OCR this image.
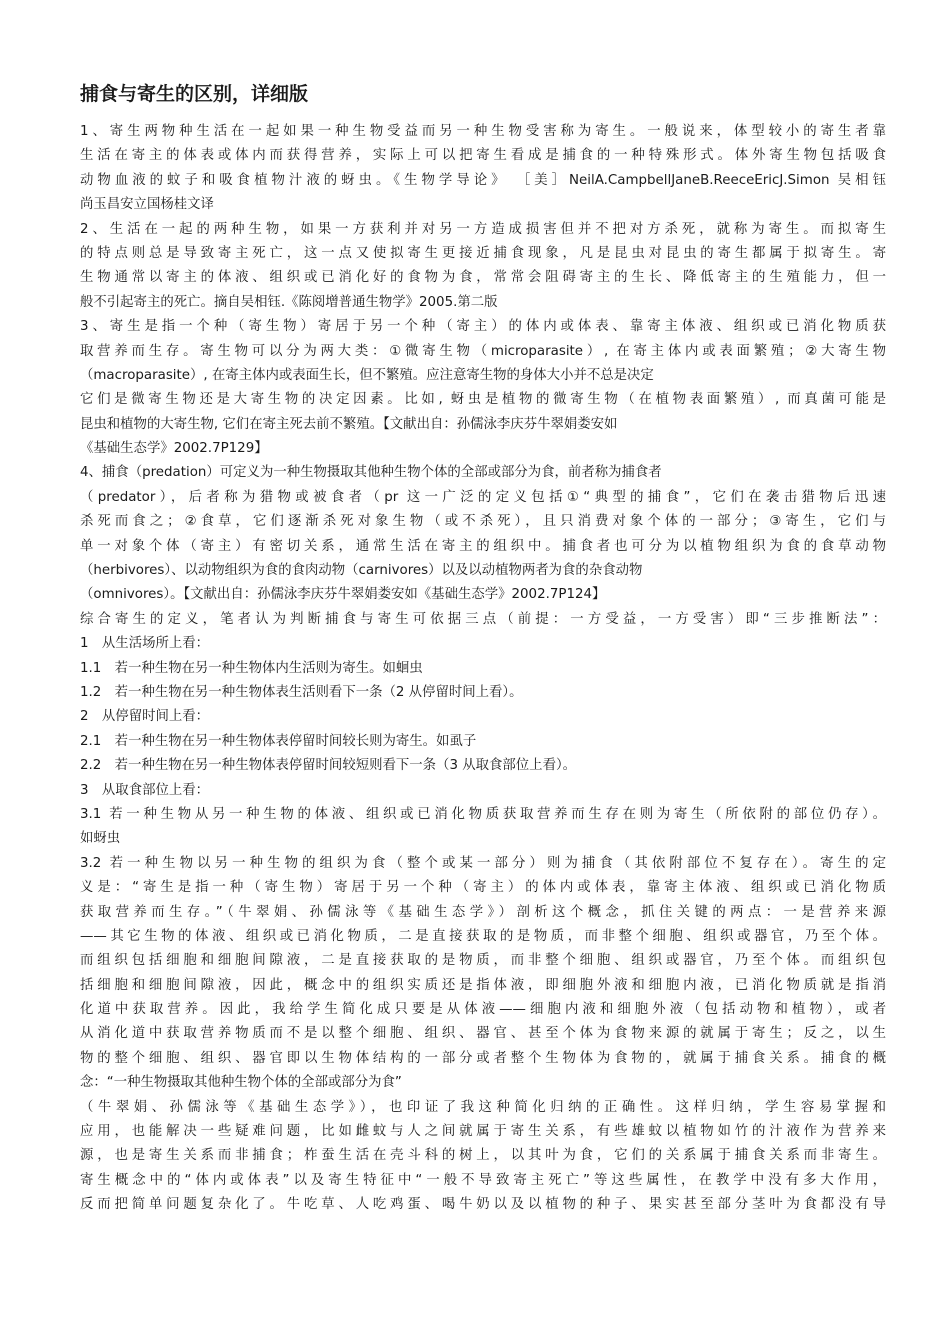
捕食与寄生的区别，详细版
1、寄生两物种生活在一起如果一种生物受益而另一种生物受害称为寄生。一般说来，体型较小的寄生者靠
生活在寄主的体表或体内而获得营养，实际上可以把寄生看成是捕食的一种特殊形式。体外寄生物包括吸食
动物血液的蚊子和吸食植物汁液的蚜虫。《生物学导论》 ［美］NeilA.CampbellJaneB.ReeceEricJ.Simon 吴相钰
尚玉昌安立国杨桂文译
2、生活在一起的两种生物，如果一方获利并对另一方造成损害但并不把对方杀死，就称为寄生。而拟寄生
的特点则总是导致寄主死亡，这一点又使拟寄生更接近捕食现象，凡是昆虫对昆虫的寄生都属于拟寄生。寄
生物通常以寄主的体液、组织或已消化好的食物为食，常常会阻碍寄主的生长、降低寄主的生殖能力，但一
般不引起寄主的死亡。摘自吴相钰.《陈阅增普通生物学》2005.第二版
3、寄生是指一个种（寄生物）寄居于另一个种（寄主）的体内或体表、靠寄主体液、组织或已消化物质获
取营养而生存。寄生物可以分为两大类：①微寄生物（microparasite）, 在寄主体内或表面繁殖；②大寄生物
（macroparasite）, 在寄主体内或表面生长，但不繁殖。应注意寄生物的身体大小并不总是决定
它们是微寄生物还是大寄生物的决定因素。比如, 蚜虫是植物的微寄生物（在植物表面繁殖）, 而真菌可能是
昆虫和植物的大寄生物, 它们在寄主死去前不繁殖。【文献出自：孙儒泳李庆芬牛翠娟娄安如
《基础生态学》2002.7P129】
4、捕食（predation）可定义为一种生物摄取其他种生物个体的全部或部分为食，前者称为捕食者
（predator），后者称为猎物或被食者（pr 这一广泛的定义包括①“典型的捕食”，它们在袭击猎物后迅速
杀死而食之；②食草，它们逐渐杀死对象生物（或不杀死），且只消费对象个体的一部分；③寄生，它们与
单一对象个体（寄主）有密切关系，通常生活在寄主的组织中。捕食者也可分为以植物组织为食的食草动物
（herbivores）、以动物组织为食的食肉动物（carnivores）以及以动植物两者为食的杂食动物
（omnivores）。【文献出自：孙儒泳李庆芬牛翠娟娄安如《基础生态学》2002.7P124】
综合寄生的定义，笔者认为判断捕食与寄生可依据三点（前提：一方受益，一方受害）即“三步推断法”：
1　从生活场所上看：
1.1　若一种生物在另一种生物体内生活则为寄生。如蛔虫
1.2　若一种生物在另一种生物体表生活则看下一条（2 从停留时间上看）。
2　从停留时间上看：
2.1　若一种生物在另一种生物体表停留时间较长则为寄生。如虱子
2.2　若一种生物在另一种生物体表停留时间较短则看下一条（3 从取食部位上看）。
3　从取食部位上看：
3.1 若一种生物从另一种生物的体液、组织或已消化物质获取营养而生存在则为寄生（所依附的部位仍存）。
如蚜虫
3.2 若一种生物以另一种生物的组织为食（整个或某一部分）则为捕食（其依附部位不复存在）。寄生的定
义是：“寄生是指一种（寄生物）寄居于另一个种（寄主）的体内或体表，靠寄主体液、组织或已消化物质
获取营养而生存。”（牛翠娟、孙儒泳等《基础生态学》）剖析这个概念，抓住关键的两点：一是营养来源
——其它生物的体液、组织或已消化物质，二是直接获取的是物质，而非整个细胞、组织或器官，乃至个体。
而组织包括细胞和细胞间隙液，二是直接获取的是物质，而非整个细胞、组织或器官，乃至个体。而组织包
括细胞和细胞间隙液，因此，概念中的组织实质还是指体液，即细胞外液和细胞内液，已消化物质就是指消
化道中获取营养。因此，我给学生简化成只要是从体液——细胞内液和细胞外液（包括动物和植物），或者
从消化道中获取营养物质而不是以整个细胞、组织、器官、甚至个体为食物来源的就属于寄生；反之，以生
物的整个细胞、组织、器官即以生物体结构的一部分或者整个生物体为食物的，就属于捕食关系。捕食的概
念：“一种生物摄取其他种生物个体的全部或部分为食”
（牛翠娟、孙儒泳等《基础生态学》），也印证了我这种简化归纳的正确性。这样归纳，学生容易掌握和
应用，也能解决一些疑难问题，比如雌蚊与人之间就属于寄生关系，有些雄蚊以植物如竹的汁液作为营养来
源，也是寄生关系而非捕食；柞蚕生活在壳斗科的树上，以其叶为食，它们的关系属于捕食关系而非寄生。
寄生概念中的“体内或体表”以及寄生特征中“一般不导致寄主死亡”等这些属性，在教学中没有多大作用，
反而把简单问题复杂化了。牛吃草、人吃鸡蛋、喝牛奶以及以植物的种子、果实甚至部分茎叶为食都没有导
